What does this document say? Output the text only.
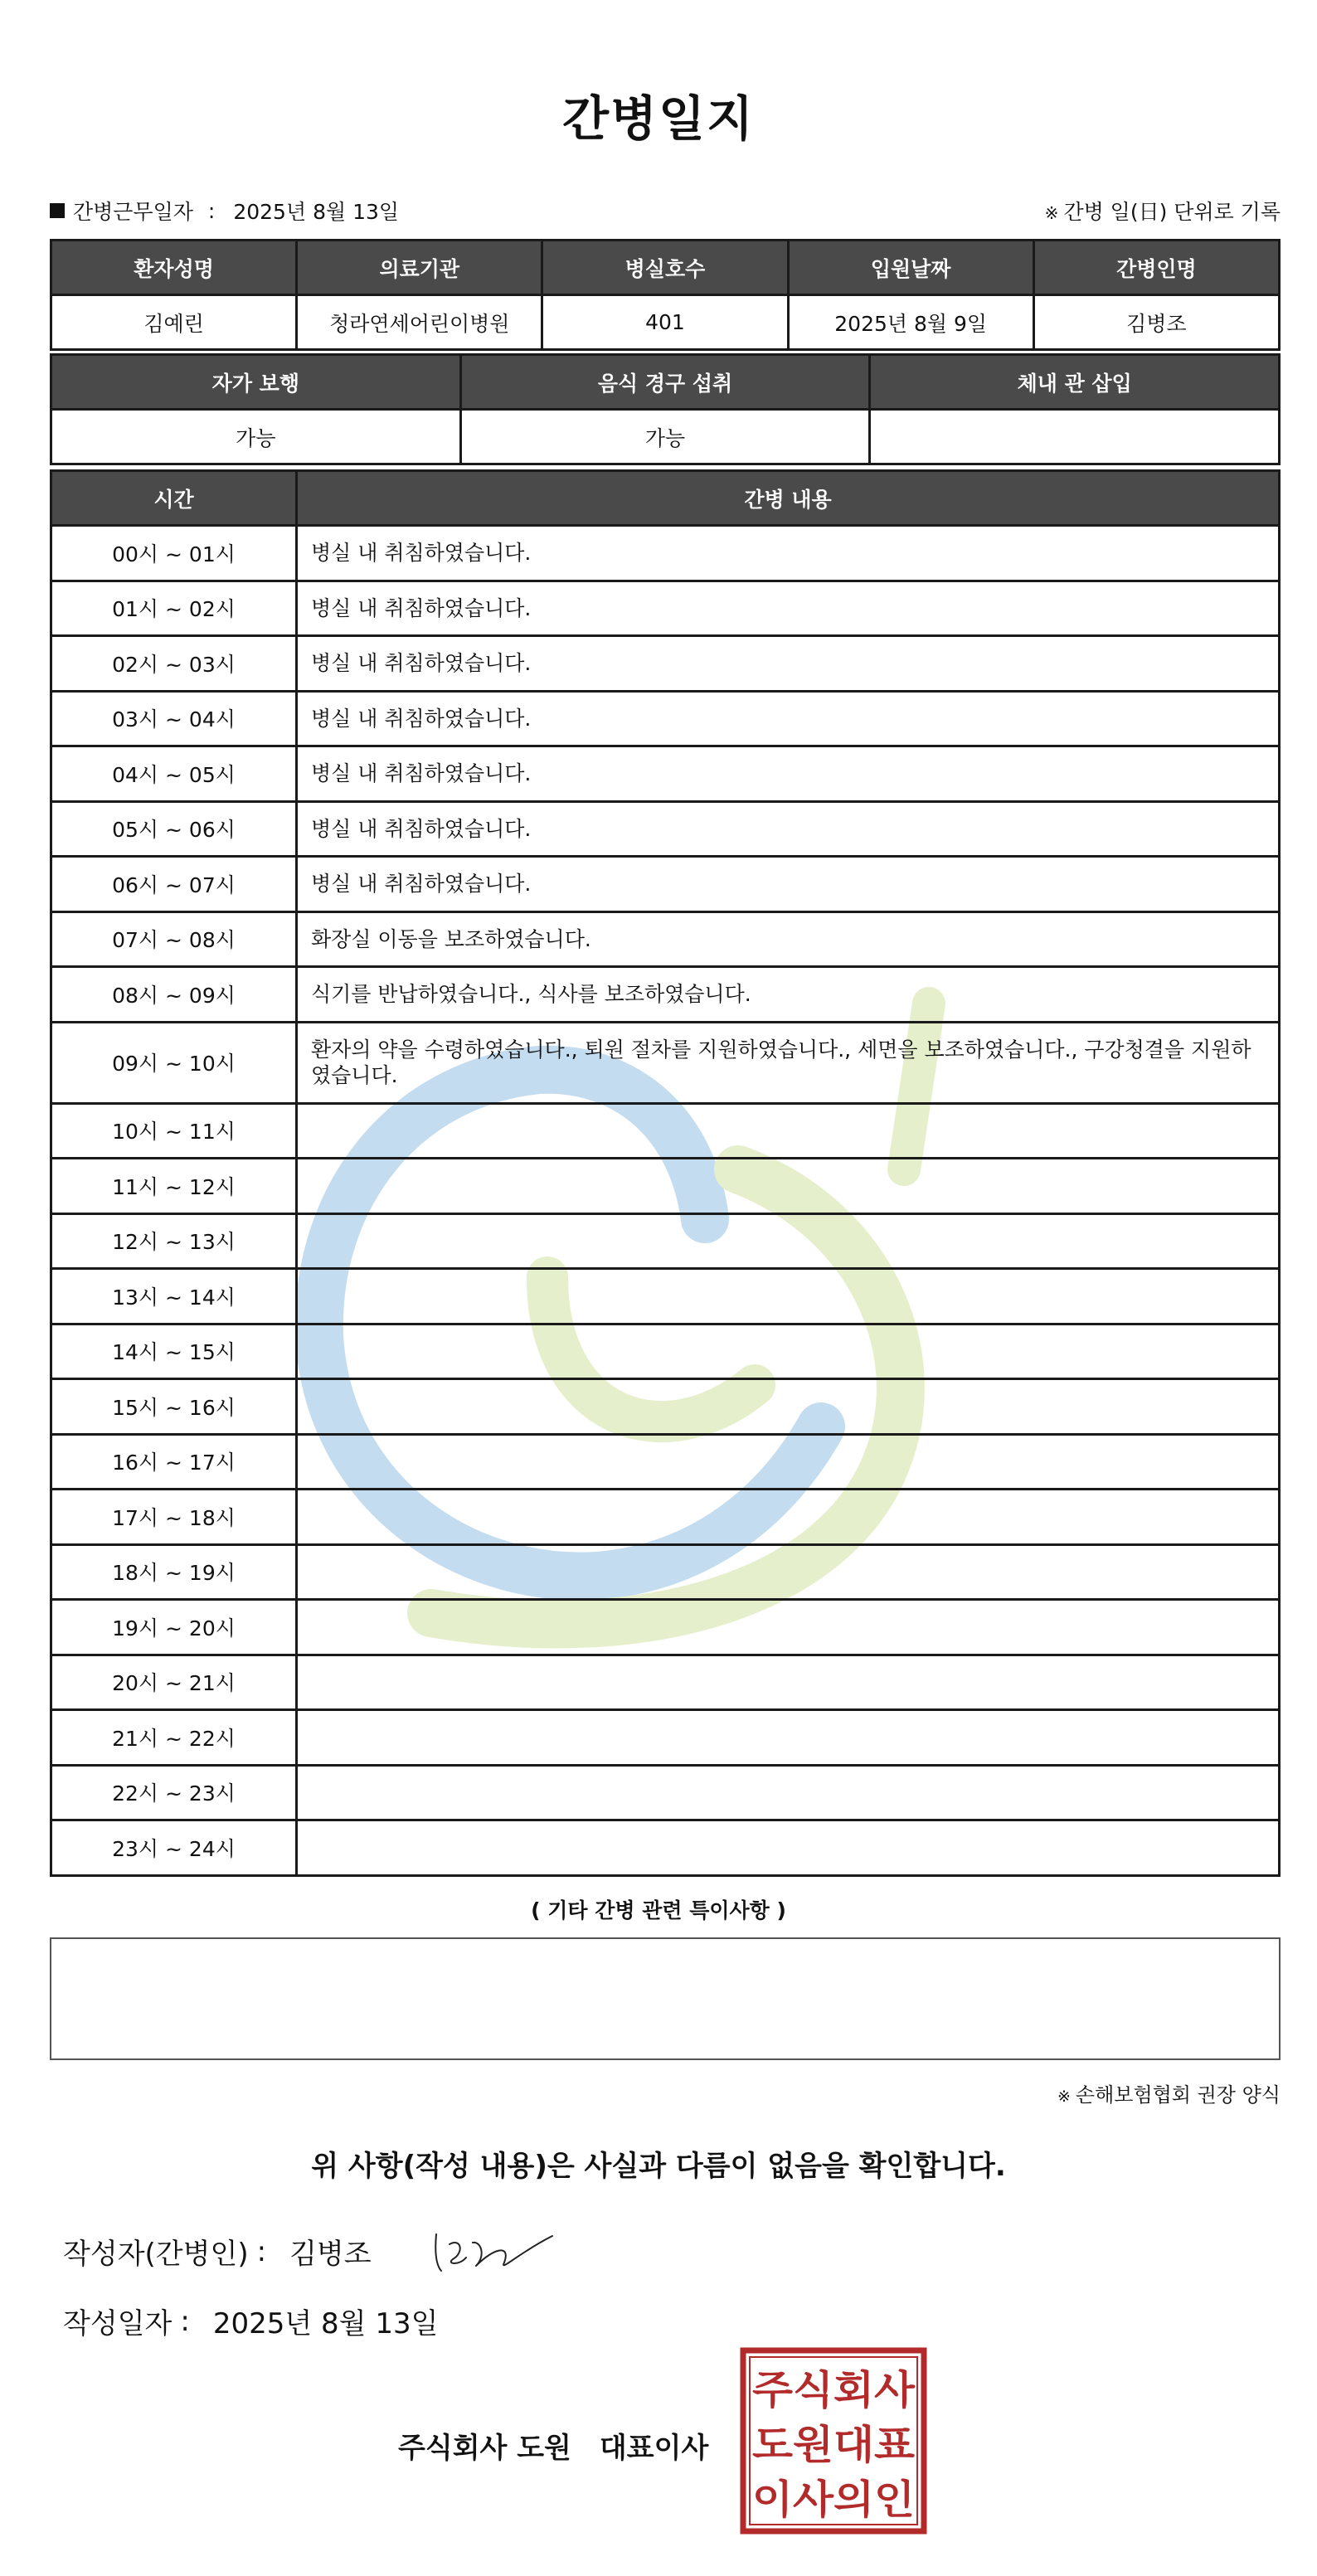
간병일지
간병근무일자 : 2025년 8월 13일	※ 간병 일(日) 단위로 기록
환자성명	의료기관	병실호수	입원날짜	간병인명
김예린	청라연세어린이병원	401	2025년 8월 9일	김병조
자가 보행	음식 경구 섭취	체내 관 삽입
가능	가능	
시간	간병 내용
00시 ~ 01시	병실 내 취침하였습니다.
01시 ~ 02시	병실 내 취침하였습니다.
02시 ~ 03시	병실 내 취침하였습니다.
03시 ~ 04시	병실 내 취침하였습니다.
04시 ~ 05시	병실 내 취침하였습니다.
05시 ~ 06시	병실 내 취침하였습니다.
06시 ~ 07시	병실 내 취침하였습니다.
07시 ~ 08시	화장실 이동을 보조하였습니다.
08시 ~ 09시	식기를 반납하였습니다., 식사를 보조하였습니다.
09시 ~ 10시	환자의 약을 수령하였습니다., 퇴원 절차를 지원하였습니다., 세면을 보조하였습니다., 구강청결을 지원하였습니다.
10시 ~ 11시	
11시 ~ 12시	
12시 ~ 13시	
13시 ~ 14시	
14시 ~ 15시	
15시 ~ 16시	
16시 ~ 17시	
17시 ~ 18시	
18시 ~ 19시	
19시 ~ 20시	
20시 ~ 21시	
21시 ~ 22시	
22시 ~ 23시	
23시 ~ 24시	
( 기타 간병 관련 특이사항 )
※ 손해보험협회 권장 양식
위 사항(작성 내용)은 사실과 다름이 없음을 확인합니다.
작성자(간병인) : 김병조
작성일자 : 2025년 8월 13일
주식회사 도원 대표이사
주식회사
도원대표
이사의인
